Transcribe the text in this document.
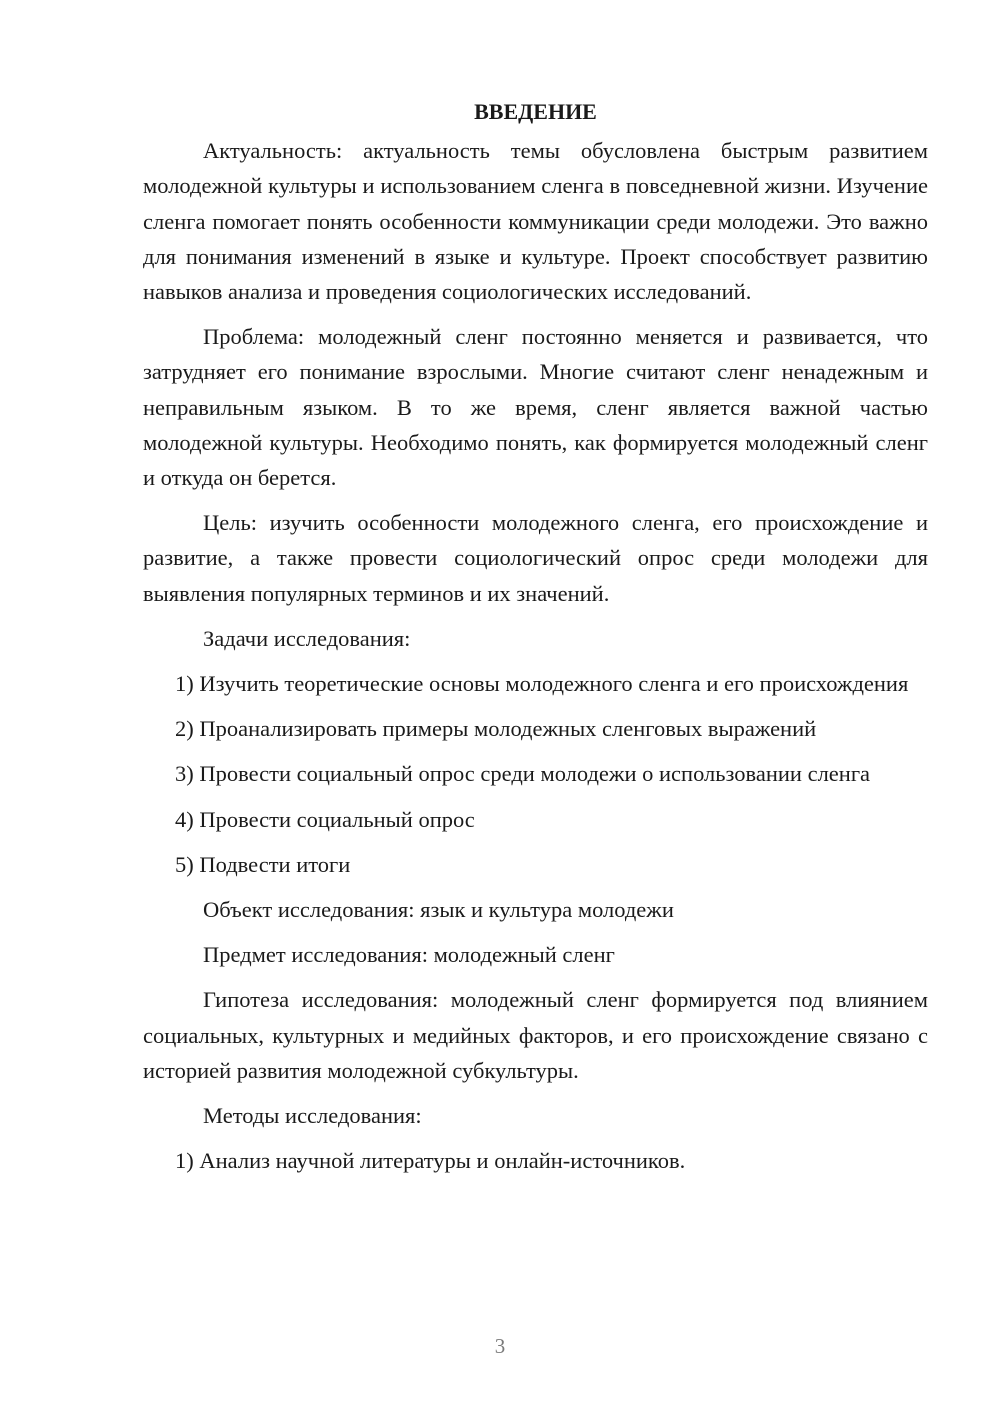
ВВЕДЕНИЕ

Актуальность: актуальность темы обусловлена быстрым развитием молодежной культуры и использованием сленга в повседневной жизни. Изучение сленга помогает понять особенности коммуникации среди молодежи. Это важно для понимания изменений в языке и культуре. Проект способствует развитию навыков анализа и проведения социологических исследований.

Проблема: молодежный сленг постоянно меняется и развивается, что затрудняет его понимание взрослыми. Многие считают сленг ненадежным и неправильным языком. В то же время, сленг является важной частью молодежной культуры. Необходимо понять, как формируется молодежный сленг и откуда он берется.

Цель: изучить особенности молодежного сленга, его происхождение и развитие, а также провести социологический опрос среди молодежи для выявления популярных терминов и их значений.

Задачи исследования:

1) Изучить теоретические основы молодежного сленга и его происхождения

2) Проанализировать примеры молодежных сленговых выражений

3) Провести социальный опрос среди молодежи о использовании сленга

4) Провести социальный опрос

5) Подвести итоги

Объект исследования: язык и культура молодежи

Предмет исследования: молодежный сленг

Гипотеза исследования: молодежный сленг формируется под влиянием социальных, культурных и медийных факторов, и его происхождение связано с историей развития молодежной субкультуры.

Методы исследования:

1) Анализ научной литературы и онлайн-источников.

3
